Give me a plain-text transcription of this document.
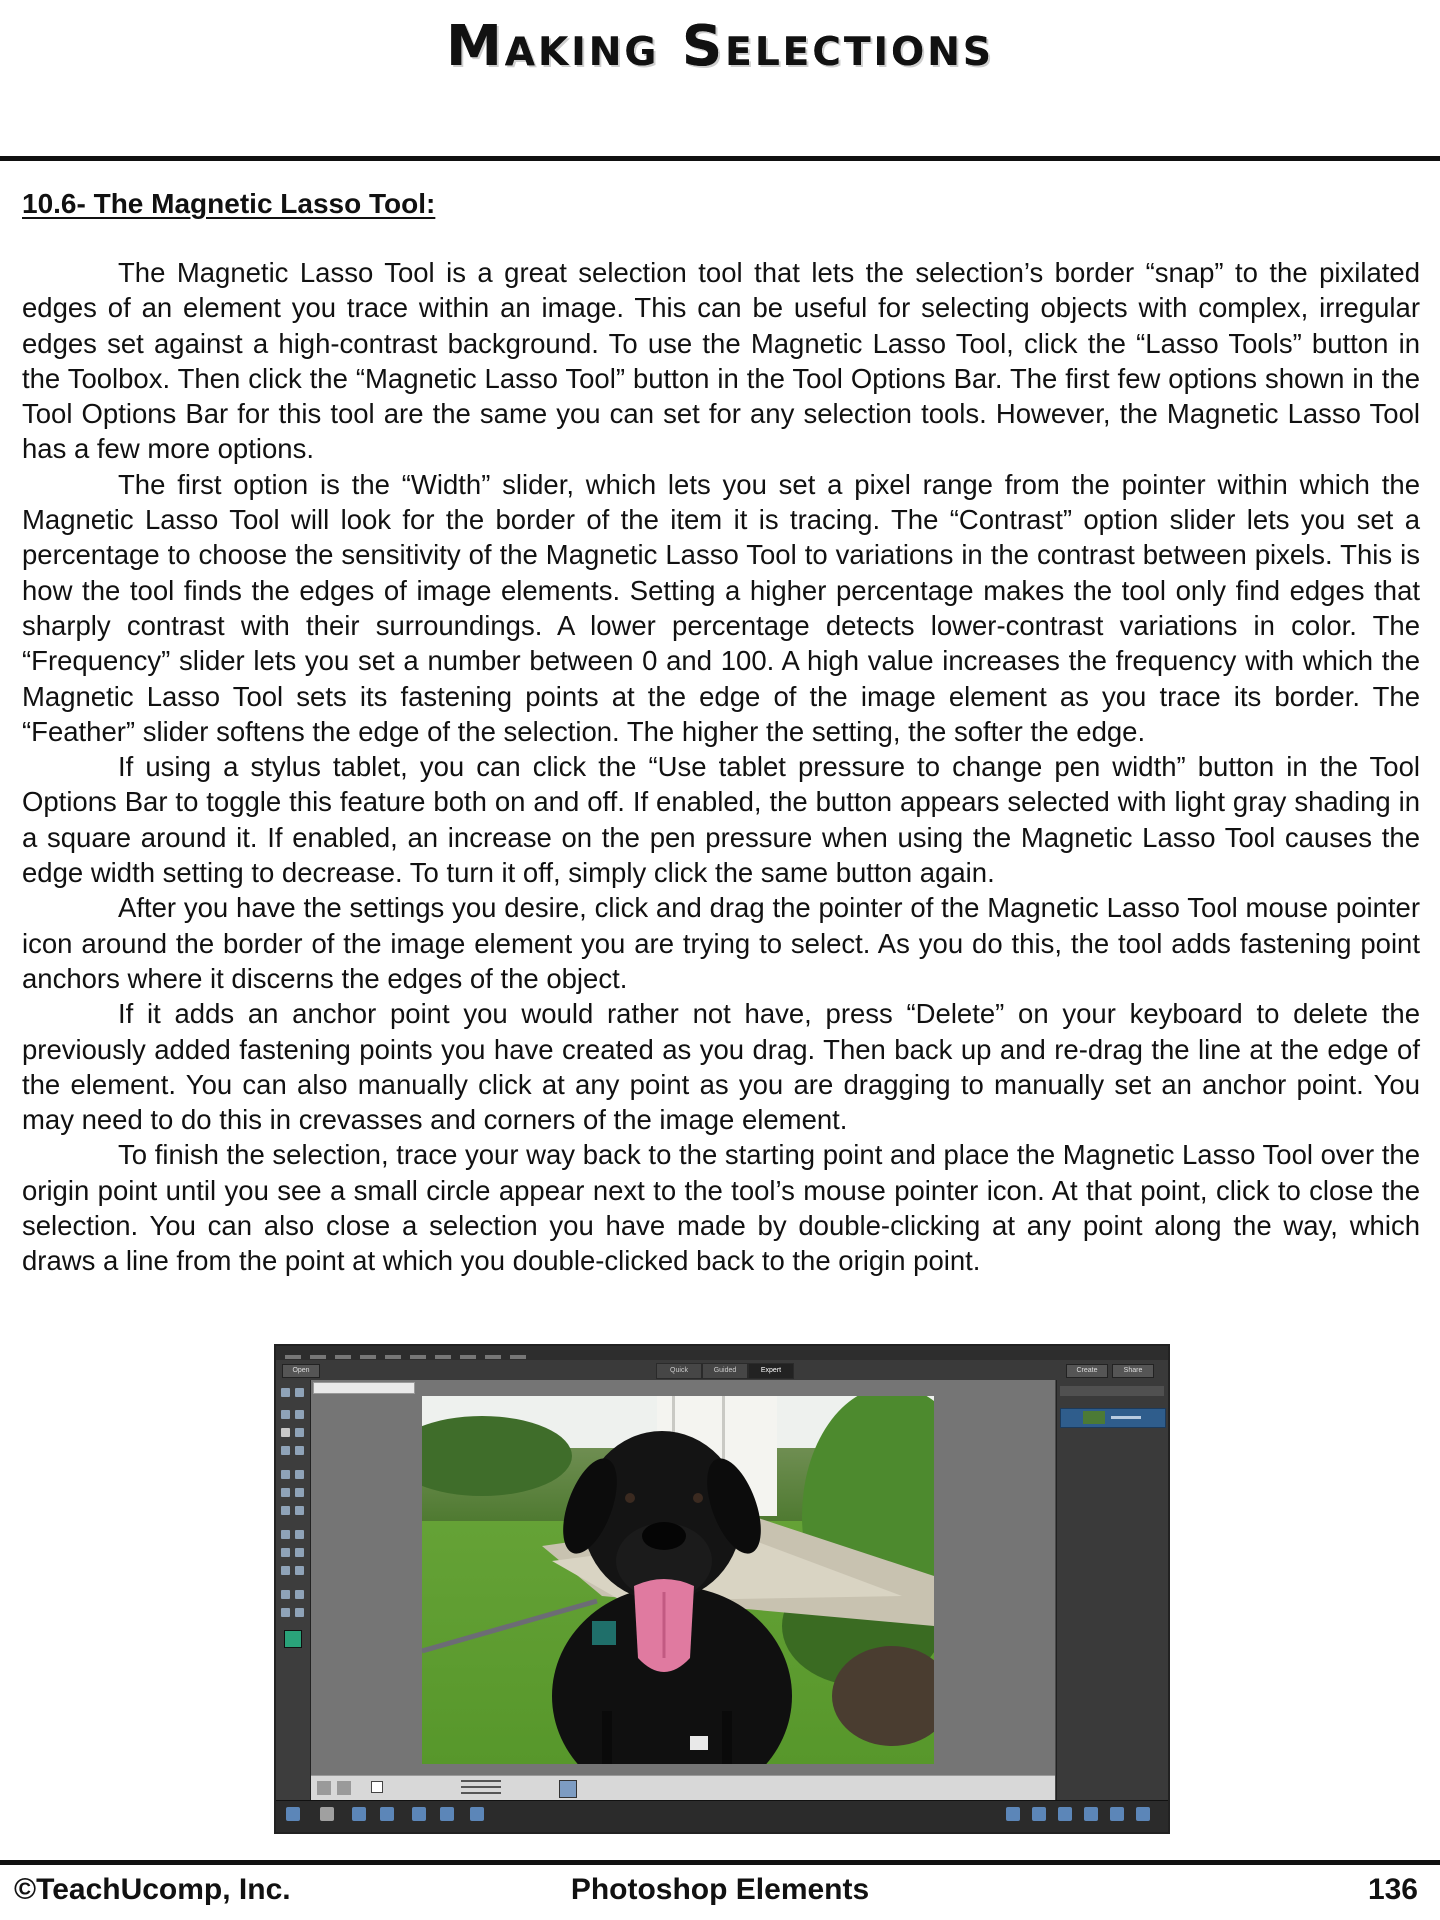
Making Selections
10.6- The Magnetic Lasso Tool:

The Magnetic Lasso Tool is a great selection tool that lets the selection’s border “snap” to the pixilated edges of an element you trace within an image. This can be useful for selecting objects with complex, irregular edges set against a high-contrast background. To use the Magnetic Lasso Tool, click the “Lasso Tools” button in the Toolbox. Then click the “Magnetic Lasso Tool” button in the Tool Options Bar. The first few options shown in the Tool Options Bar for this tool are the same you can set for any selection tools. However, the Magnetic Lasso Tool has a few more options.

The first option is the “Width” slider, which lets you set a pixel range from the pointer within which the Magnetic Lasso Tool will look for the border of the item it is tracing. The “Contrast” option slider lets you set a percentage to choose the sensitivity of the Magnetic Lasso Tool to variations in the contrast between pixels. This is how the tool finds the edges of image elements. Setting a higher percentage makes the tool only find edges that sharply contrast with their surroundings. A lower percentage detects lower-contrast variations in color. The “Frequency” slider lets you set a number between 0 and 100. A high value increases the frequency with which the Magnetic Lasso Tool sets its fastening points at the edge of the image element as you trace its border. The “Feather” slider softens the edge of the selection. The higher the setting, the softer the edge.

If using a stylus tablet, you can click the “Use tablet pressure to change pen width” button in the Tool Options Bar to toggle this feature both on and off. If enabled, the button appears selected with light gray shading in a square around it. If enabled, an increase on the pen pressure when using the Magnetic Lasso Tool causes the edge width setting to decrease. To turn it off, simply click the same button again.

After you have the settings you desire, click and drag the pointer of the Magnetic Lasso Tool mouse pointer icon around the border of the image element you are trying to select. As you do this, the tool adds fastening point anchors where it discerns the edges of the object.

If it adds an anchor point you would rather not have, press “Delete” on your keyboard to delete the previously added fastening points you have created as you drag. Then back up and re-drag the line at the edge of the element. You can also manually click at any point as you are dragging to manually set an anchor point. You may need to do this in crevasses and corners of the image element.

To finish the selection, trace your way back to the starting point and place the Magnetic Lasso Tool over the origin point until you see a small circle appear next to the tool’s mouse pointer icon. At that point, click to close the selection. You can also close a selection you have made by double-clicking at any point along the way, which draws a line from the point at which you double-clicked back to the origin point.

Open	Quick	Guided	Expert	Create	Share
Photoshop Elements
©TeachUcomp, Inc.	136
